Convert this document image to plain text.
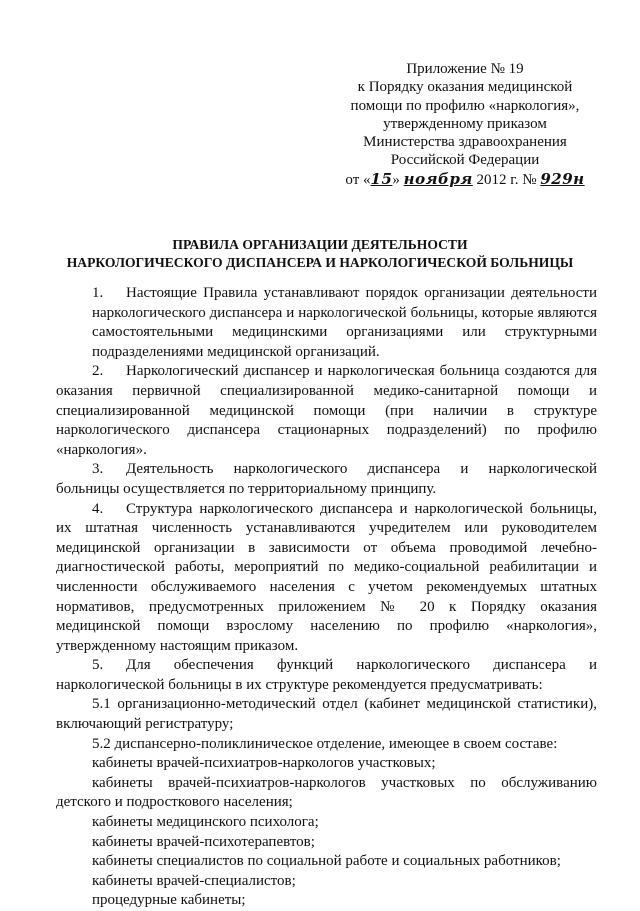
Приложение № 19
к Порядку оказания медицинской
помощи по профилю «наркология»,
утвержденному приказом
Министерства здравоохранения
Российской Федерации
от «15» ноября 2012 г. № 929н
ПРАВИЛА ОРГАНИЗАЦИИ ДЕЯТЕЛЬНОСТИ
НАРКОЛОГИЧЕСКОГО ДИСПАНСЕРА И НАРКОЛОГИЧЕСКОЙ БОЛЬНИЦЫ

1. Настоящие Правила устанавливают порядок организации деятельности наркологического диспансера и наркологической больницы, которые являются самостоятельными медицинскими организациями или структурными подразделениями медицинской организаций.

2. Наркологический диспансер и наркологическая больница создаются для оказания первичной специализированной медико-санитарной помощи и специализированной медицинской помощи (при наличии в структуре наркологического диспансера стационарных подразделений) по профилю «наркология».

3. Деятельность наркологического диспансера и наркологической больницы осуществляется по территориальному принципу.

4. Структура наркологического диспансера и наркологической больницы, их штатная численность устанавливаются учредителем или руководителем медицинской организации в зависимости от объема проводимой лечебно-диагностической работы, мероприятий по медико-социальной реабилитации и численности обслуживаемого населения с учетом рекомендуемых штатных нормативов, предусмотренных приложением № 20 к Порядку оказания медицинской помощи взрослому населению по профилю «наркология», утвержденному настоящим приказом.

5. Для обеспечения функций наркологического диспансера и наркологической больницы в их структуре рекомендуется предусматривать:

5.1 организационно-методический отдел (кабинет медицинской статистики), включающий регистратуру;

5.2 диспансерно-поликлиническое отделение, имеющее в своем составе:

кабинеты врачей-психиатров-наркологов участковых;

кабинеты врачей-психиатров-наркологов участковых по обслуживанию детского и подросткового населения;

кабинеты медицинского психолога;

кабинеты врачей-психотерапевтов;

кабинеты специалистов по социальной работе и социальных работников;

кабинеты врачей-специалистов;

процедурные кабинеты;
